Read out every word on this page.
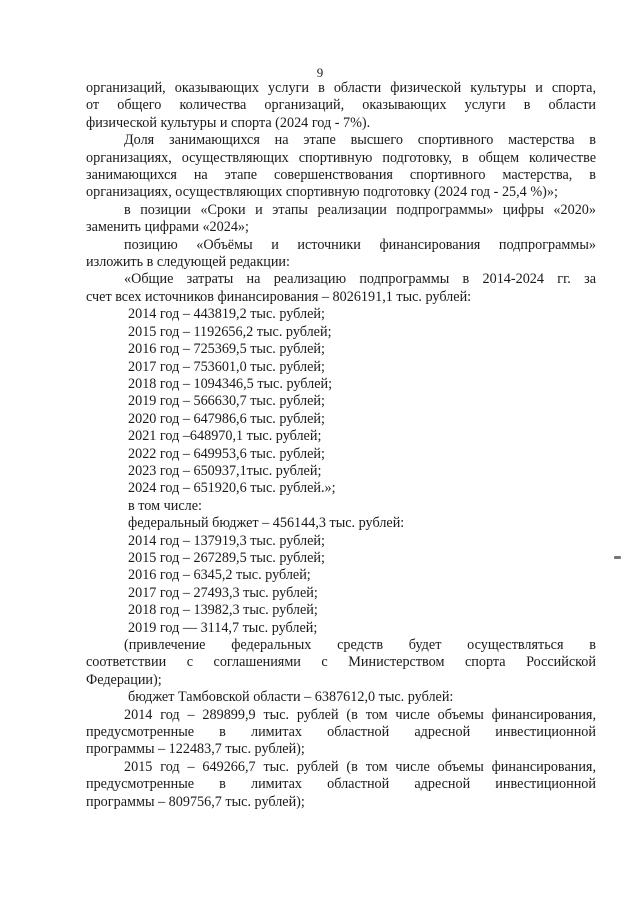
9

организаций, оказывающих услуги в области физической культуры и спорта,

от общего количества организаций, оказывающих услуги в области

физической культуры и спорта (2024 год - 7%).

Доля занимающихся на этапе высшего спортивного мастерства в

организациях, осуществляющих спортивную подготовку, в общем количестве

занимающихся на этапе совершенствования спортивного мастерства, в

организациях, осуществляющих спортивную подготовку (2024 год - 25,4 %)»;

в позиции «Сроки и этапы реализации подпрограммы» цифры «2020»

заменить цифрами «2024»;

позицию «Объёмы и источники финансирования подпрограммы»

изложить в следующей редакции:

«Общие затраты на реализацию подпрограммы в 2014-2024 гг. за

счет всех источников финансирования – 8026191,1 тыс. рублей:

2014 год – 443819,2 тыс. рублей;

2015 год – 1192656,2 тыс. рублей;

2016 год – 725369,5 тыс. рублей;

2017 год – 753601,0 тыс. рублей;

2018 год – 1094346,5 тыс. рублей;

2019 год – 566630,7 тыс. рублей;

2020 год – 647986,6 тыс. рублей;

2021 год –648970,1 тыс. рублей;

2022 год – 649953,6 тыс. рублей;

2023 год – 650937,1тыс. рублей;

2024 год – 651920,6 тыс. рублей.»;

в том числе:

федеральный бюджет – 456144,3 тыс. рублей:

2014 год – 137919,3 тыс. рублей;

2015 год – 267289,5 тыс. рублей;

2016 год – 6345,2 тыс. рублей;

2017 год – 27493,3 тыс. рублей;

2018 год – 13982,3 тыс. рублей;

2019 год — 3114,7 тыс. рублей;

(привлечение федеральных средств будет осуществляться в

соответствии с соглашениями с Министерством спорта Российской

Федерации);

бюджет Тамбовской области – 6387612,0 тыс. рублей:

2014 год – 289899,9 тыс. рублей (в том числе объемы финансирования,

предусмотренные в лимитах областной адресной инвестиционной

программы – 122483,7 тыс. рублей);

2015 год – 649266,7 тыс. рублей (в том числе объемы финансирования,

предусмотренные в лимитах областной адресной инвестиционной

программы – 809756,7 тыс. рублей);
